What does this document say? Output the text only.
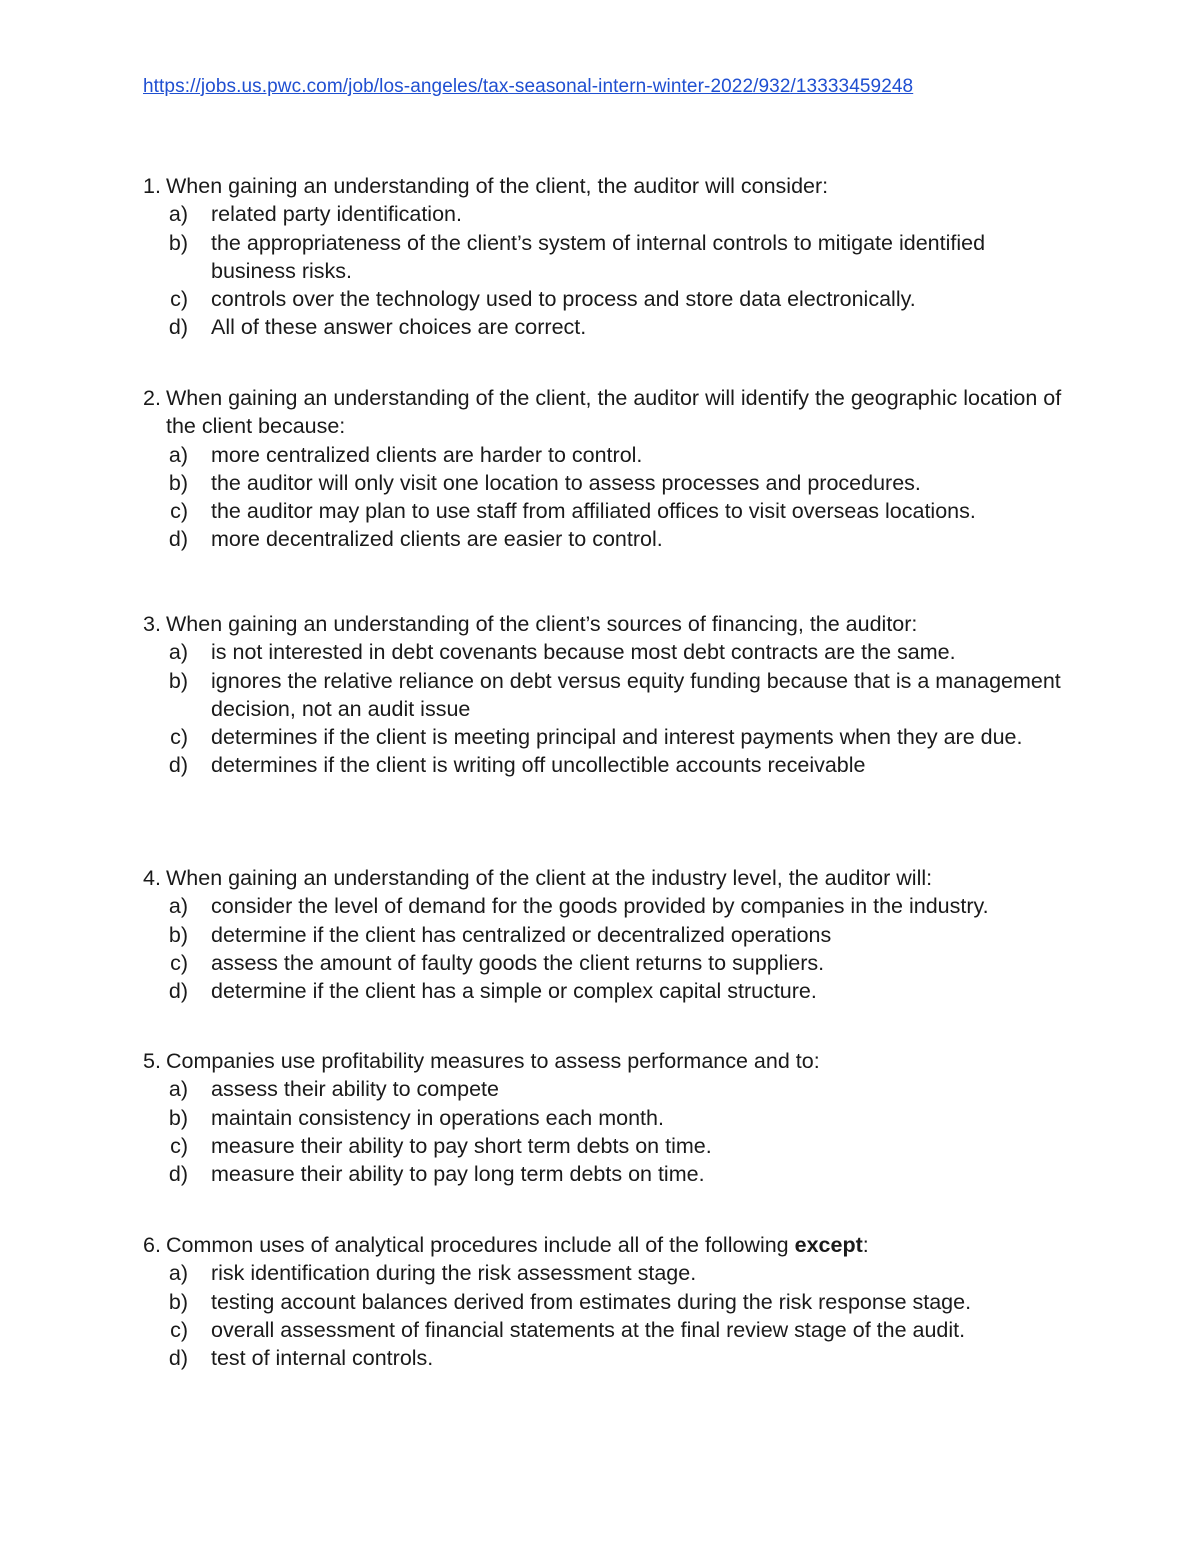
https://jobs.us.pwc.com/job/los-angeles/tax-seasonal-intern-winter-2022/932/13333459248
1. When gaining an understanding of the client, the auditor will consider:
a)	related party identification.
b)	the appropriateness of the client’s system of internal controls to mitigate identified business risks.
c)	controls over the technology used to process and store data electronically.
d)	All of these answer choices are correct.
2. When gaining an understanding of the client, the auditor will identify the geographic location of the client because:
a)	more centralized clients are harder to control.
b)	the auditor will only visit one location to assess processes and procedures.
c)	the auditor may plan to use staff from affiliated offices to visit overseas locations.
d)	more decentralized clients are easier to control.
3. When gaining an understanding of the client’s sources of financing, the auditor:
a)	is not interested in debt covenants because most debt contracts are the same.
b)	ignores the relative reliance on debt versus equity funding because that is a management decision, not an audit issue
c)	determines if the client is meeting principal and interest payments when they are due.
d)	determines if the client is writing off uncollectible accounts receivable
4. When gaining an understanding of the client at the industry level, the auditor will:
a)	consider the level of demand for the goods provided by companies in the industry.
b)	determine if the client has centralized or decentralized operations
c)	assess the amount of faulty goods the client returns to suppliers.
d)	determine if the client has a simple or complex capital structure.
5. Companies use profitability measures to assess performance and to:
a)	assess their ability to compete
b)	maintain consistency in operations each month.
c)	measure their ability to pay short term debts on time.
d)	measure their ability to pay long term debts on time.
6. Common uses of analytical procedures include all of the following except:
a)	risk identification during the risk assessment stage.
b)	testing account balances derived from estimates during the risk response stage.
c)	overall assessment of financial statements at the final review stage of the audit.
d)	test of internal controls.
